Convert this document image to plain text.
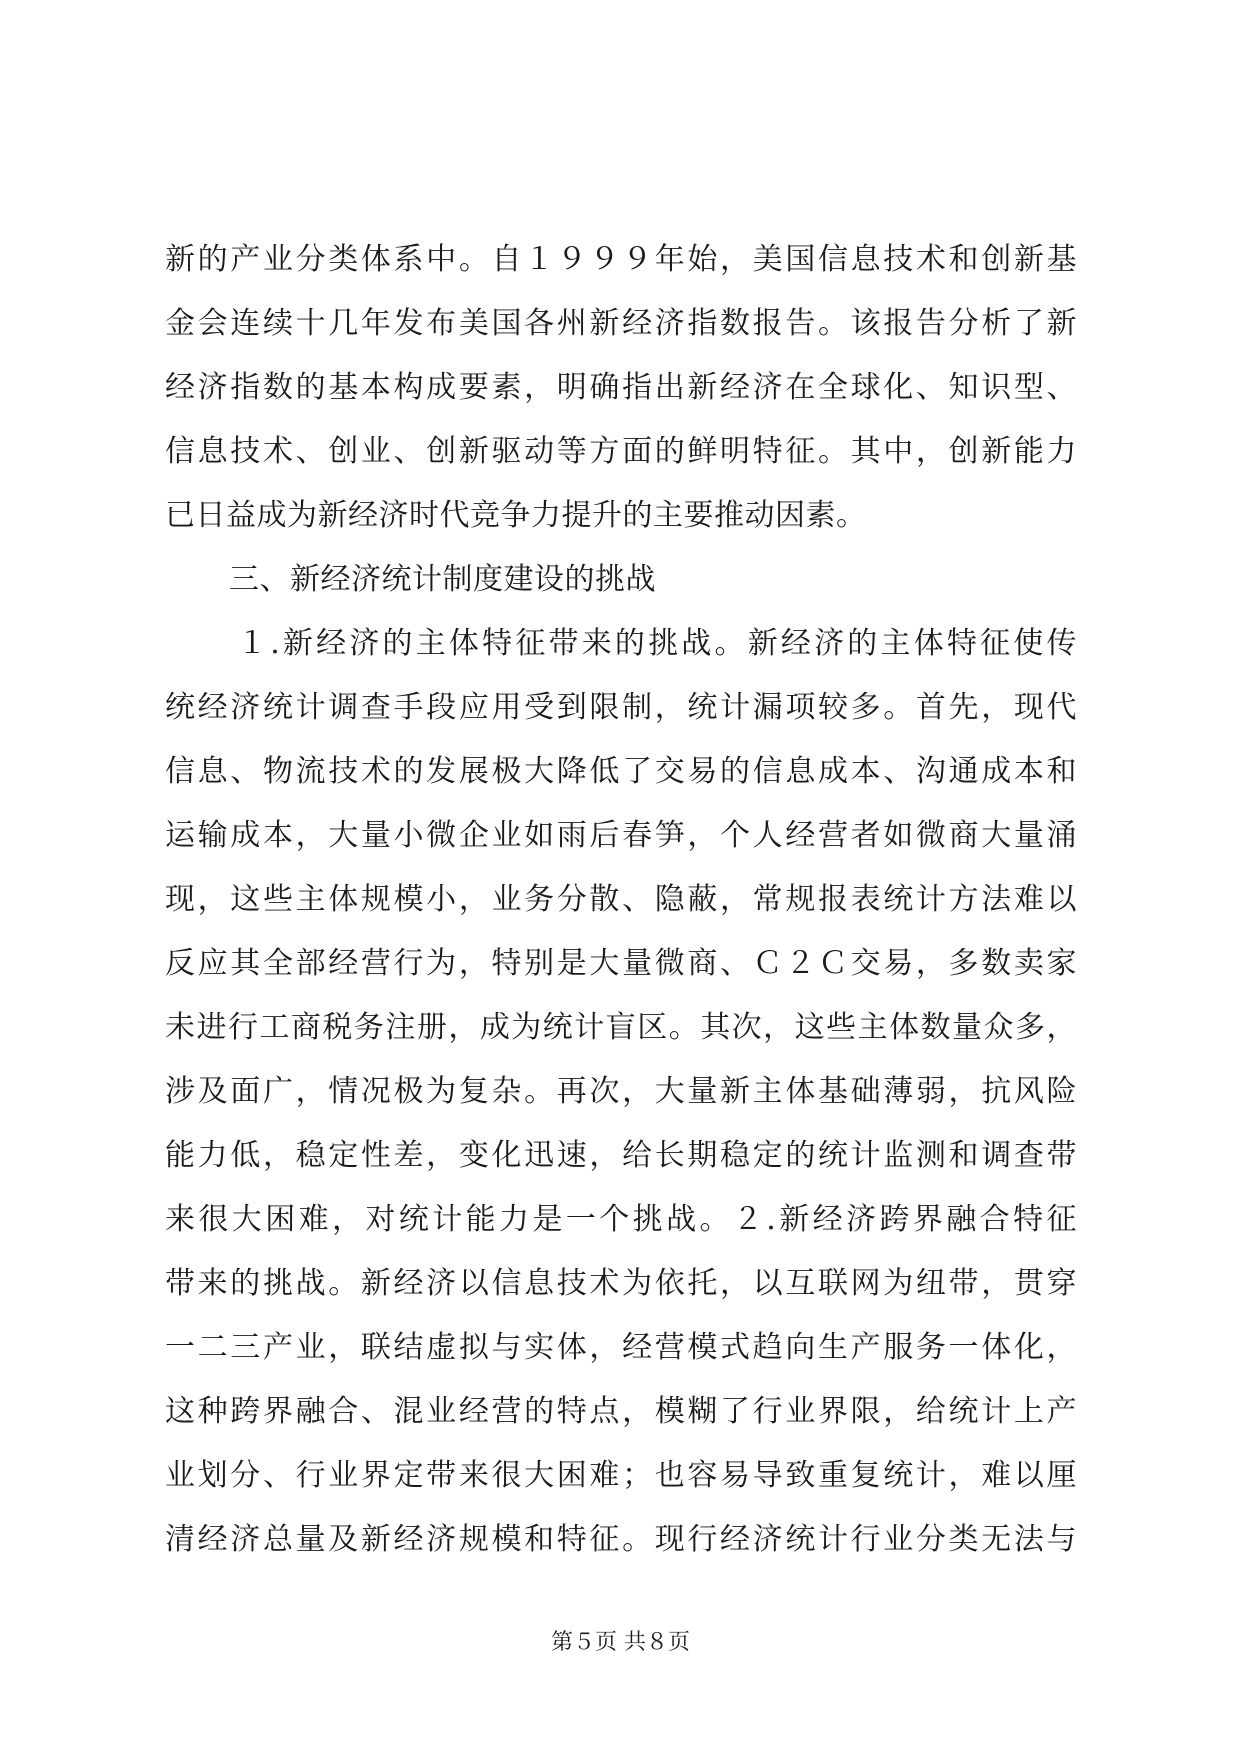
新的产业分类体系中。自１９９９年始，美国信息技术和创新基
金会连续十几年发布美国各州新经济指数报告。该报告分析了新
经济指数的基本构成要素，明确指出新经济在全球化、知识型、
信息技术、创业、创新驱动等方面的鲜明特征。其中，创新能力
已日益成为新经济时代竞争力提升的主要推动因素。
三、新经济统计制度建设的挑战
１.新经济的主体特征带来的挑战。新经济的主体特征使传
统经济统计调查手段应用受到限制，统计漏项较多。首先，现代
信息、物流技术的发展极大降低了交易的信息成本、沟通成本和
运输成本，大量小微企业如雨后春笋，个人经营者如微商大量涌
现，这些主体规模小，业务分散、隐蔽，常规报表统计方法难以
反应其全部经营行为，特别是大量微商、Ｃ２Ｃ交易，多数卖家
未进行工商税务注册，成为统计盲区。其次，这些主体数量众多，
涉及面广，情况极为复杂。再次，大量新主体基础薄弱，抗风险
能力低，稳定性差，变化迅速，给长期稳定的统计监测和调查带
来很大困难，对统计能力是一个挑战。２.新经济跨界融合特征
带来的挑战。新经济以信息技术为依托，以互联网为纽带，贯穿
一二三产业，联结虚拟与实体，经营模式趋向生产服务一体化，
这种跨界融合、混业经营的特点，模糊了行业界限，给统计上产
业划分、行业界定带来很大困难；也容易导致重复统计，难以厘
清经济总量及新经济规模和特征。现行经济统计行业分类无法与
第５页 共８页
